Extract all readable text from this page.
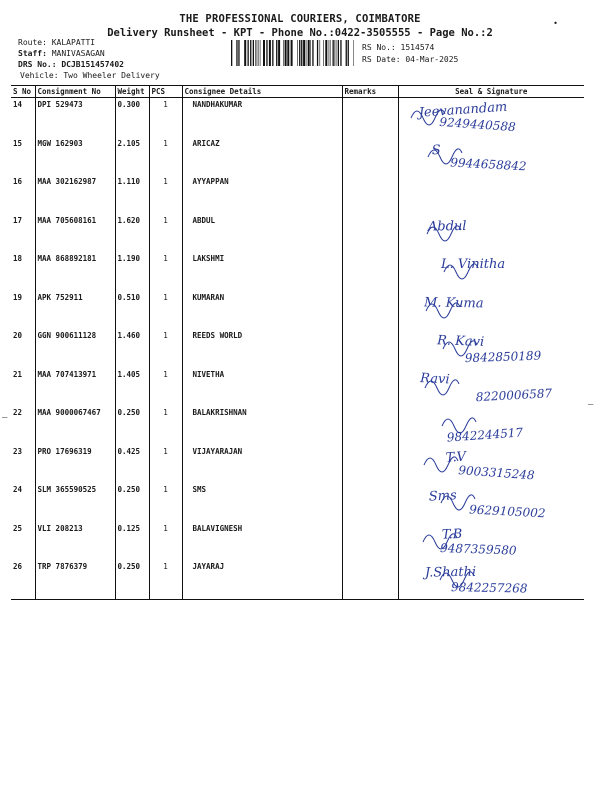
THE PROFESSIONAL COURIERS, COIMBATORE
Delivery Runsheet - KPT - Phone No.:0422-3505555 - Page No.:2
•
Route: KALAPATTI
Staff: MANIVASAGAN
DRS No.: DCJB151457402
Vehicle: Two Wheeler Delivery
RS No.: 1514574
RS Date: 04-Mar-2025
S No	Consignment No	Weight	PCS	Consignee Details	Remarks	Seal & Signature
14	DPI 529473	0.300	1	NANDHAKUMAR		Jeevanandam
9249440588

15	MGW 162903	2.105	1	ARICAZ		S
9944658842

16	MAA 302162987	1.110	1	AYYAPPAN		

17	MAA 705608161	1.620	1	ABDUL		Abdul

18	MAA 868892181	1.190	1	LAKSHMI		L. Vinitha

19	APK 752911	0.510	1	KUMARAN		M. Kuma

20	GGN 900611128	1.460	1	REEDS WORLD		R. Kavi
9842850189

21	MAA 707413971	1.405	1	NIVETHA		Ravi
8220006587

22	MAA 9000067467	0.250	1	BALAKRISHNAN		9842244517

23	PRO 17696319	0.425	1	VIJAYARAJAN		T.V
9003315248

24	SLM 365590525	0.250	1	SMS		Sms
9629105002

25	VLI 208213	0.125	1	BALAVIGNESH		T.B
9487359580

26	TRP 7876379	0.250	1	JAYARAJ		J.Shathi
9842257268
—
—
